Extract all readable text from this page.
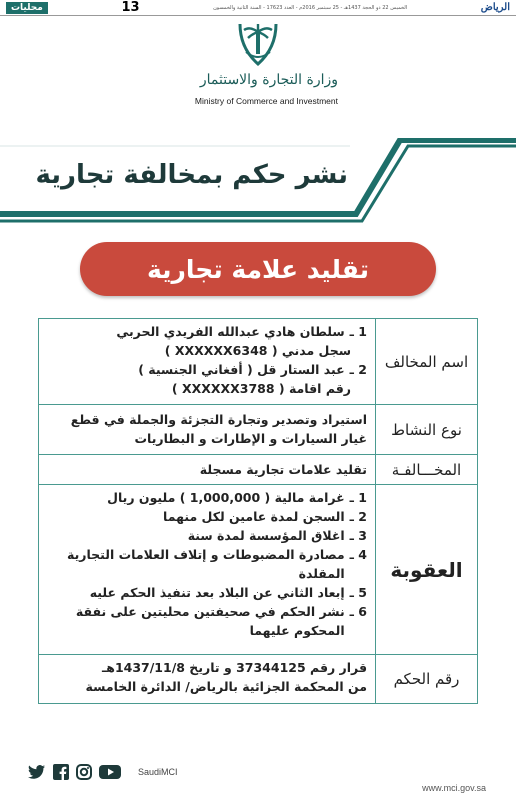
الرياض
الخميس 22 ذو الحجة 1437هـ - 25 سبتمبر 2016م - العدد 17623 - السنة الثانية والخمسون
13
محليات
وزارة التجارة والاستثمار
Ministry of Commerce and Investment
نشر حكم بمخالفة تجارية
تقليد علامة تجارية
اسم المخالف
1 ـ
سلطان هادي عبدالله الفريدي الحربي
سجل مدني ( XXXXXX6348 )
2 ـ
عبد الستار قل ( أفغاني الجنسية )
رقم اقامة ( XXXXXX3788 )
نوع النشاط
استيراد وتصدير وتجارة التجزئة والجملة في قطع غيار السيارات و الإطارات و البطاريات
المخـــالفـة
تقليد علامات تجارية مسجلة
العقوبة
1 ـ
غرامة مالية ( 1,000,000 ) مليون ريال
2 ـ
السجن لمدة عامين لكل منهما
3 ـ
اغلاق المؤسسة لمدة سنة
4 ـ
مصادرة المضبوطات و إتلاف العلامات التجارية المقلدة
5 ـ
إبعاد الثاني عن البلاد بعد تنفيذ الحكم عليه
6 ـ
نشر الحكم في صحيفتين محليتين على نفقة المحكوم عليهما
رقم الحكم
قرار رقم 37344125 و تاريخ 1437/11/8هـ
من المحكمة الجزائية بالرياض/ الدائرة الخامسة
SaudiMCI
www.mci.gov.sa
